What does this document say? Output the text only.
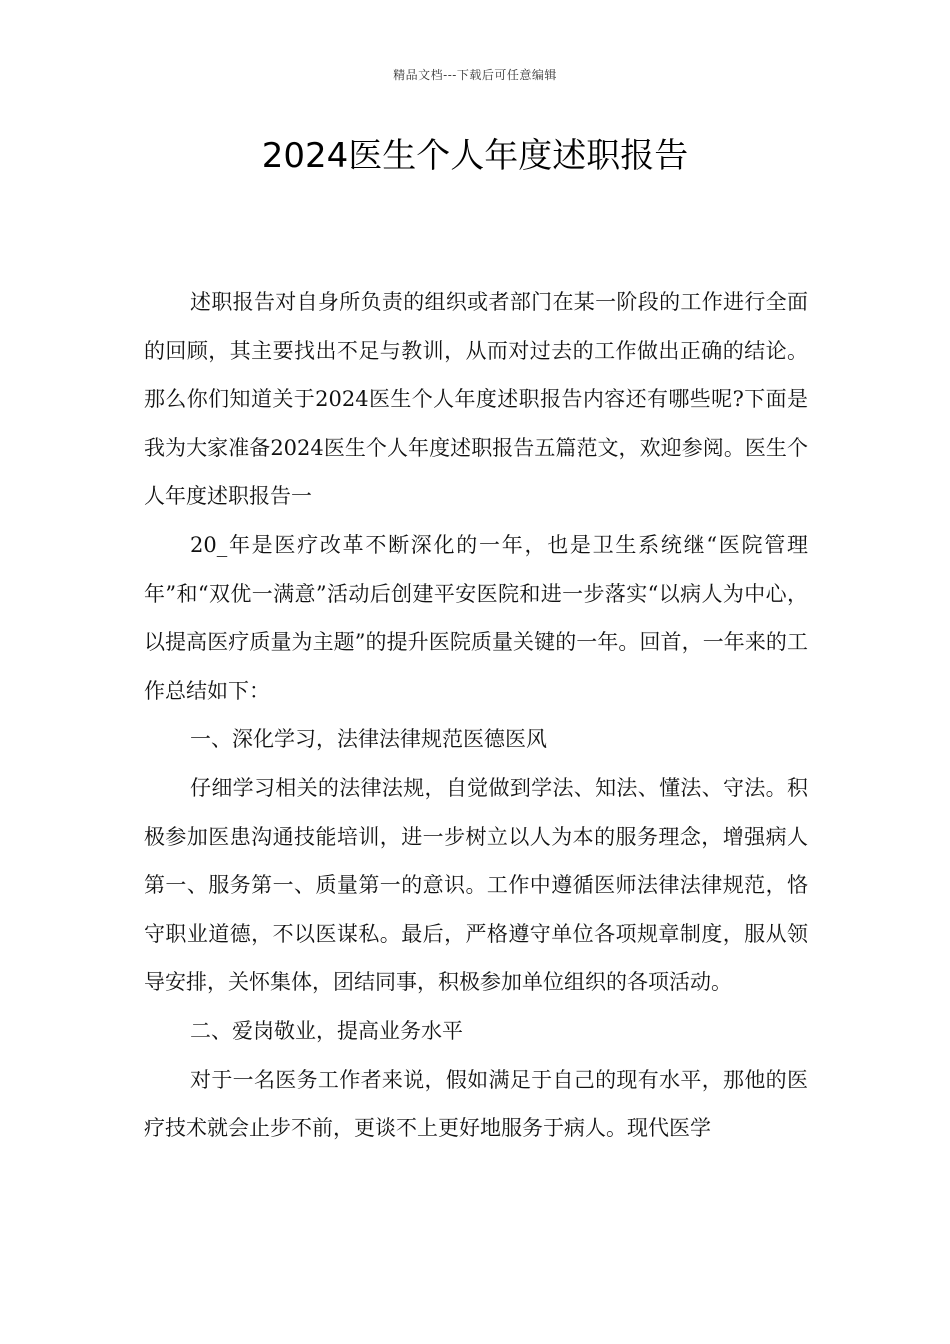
精品文档---下载后可任意编辑
2024医生个人年度述职报告

述职报告对自身所负责的组织或者部门在某一阶段的工作进行全面的回顾，其主要找出不足与教训，从而对过去的工作做出正确的结论。那么你们知道关于2024医生个人年度述职报告内容还有哪些呢?下面是我为大家准备2024医生个人年度述职报告五篇范文，欢迎参阅。医生个人年度述职报告一

20_年是医疗改革不断深化的一年，也是卫生系统继“医院管理年”和“双优一满意”活动后创建平安医院和进一步落实“以病人为中心，以提高医疗质量为主题”的提升医院质量关键的一年。回首，一年来的工作总结如下：

一、深化学习，法律法律规范医德医风

仔细学习相关的法律法规，自觉做到学法、知法、懂法、守法。积极参加医患沟通技能培训，进一步树立以人为本的服务理念，增强病人第一、服务第一、质量第一的意识。工作中遵循医师法律法律规范，恪守职业道德，不以医谋私。最后，严格遵守单位各项规章制度，服从领导安排，关怀集体，团结同事，积极参加单位组织的各项活动。

二、爱岗敬业，提高业务水平

对于一名医务工作者来说，假如满足于自己的现有水平，那他的医疗技术就会止步不前，更谈不上更好地服务于病人。现代医学
